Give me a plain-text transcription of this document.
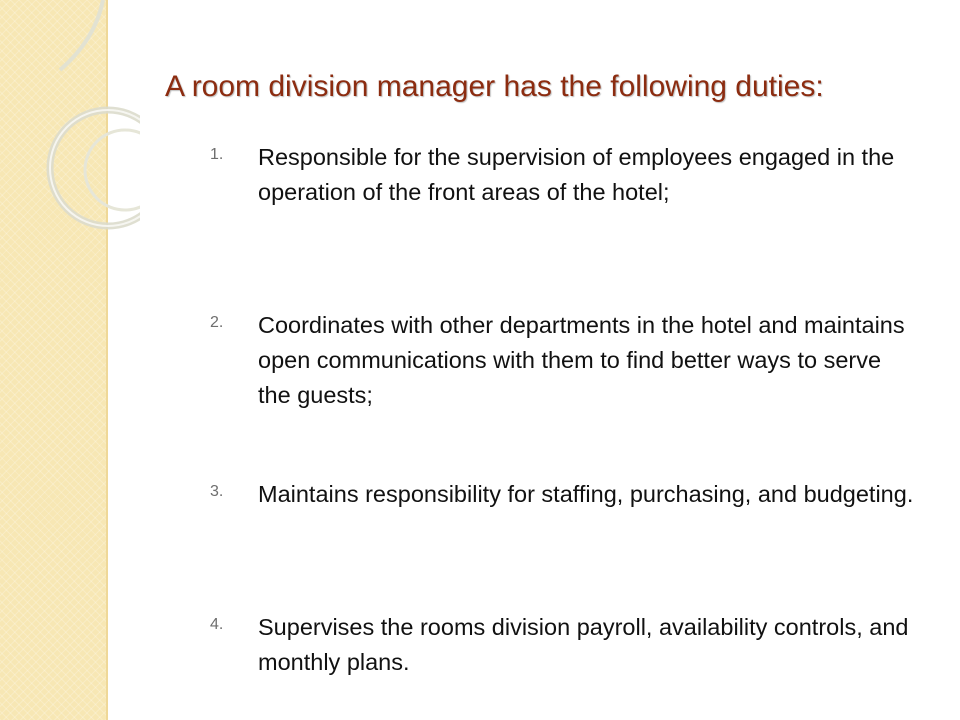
A room division manager has the following duties:
1. Responsible for the supervision of employees engaged in the operation of the front areas of the hotel;

2. Coordinates with other departments in the hotel and maintains open communications with them to find better ways to serve the guests;

3. Maintains responsibility for staffing, purchasing, and budgeting.

4. Supervises the rooms division payroll, availability controls, and monthly plans.
